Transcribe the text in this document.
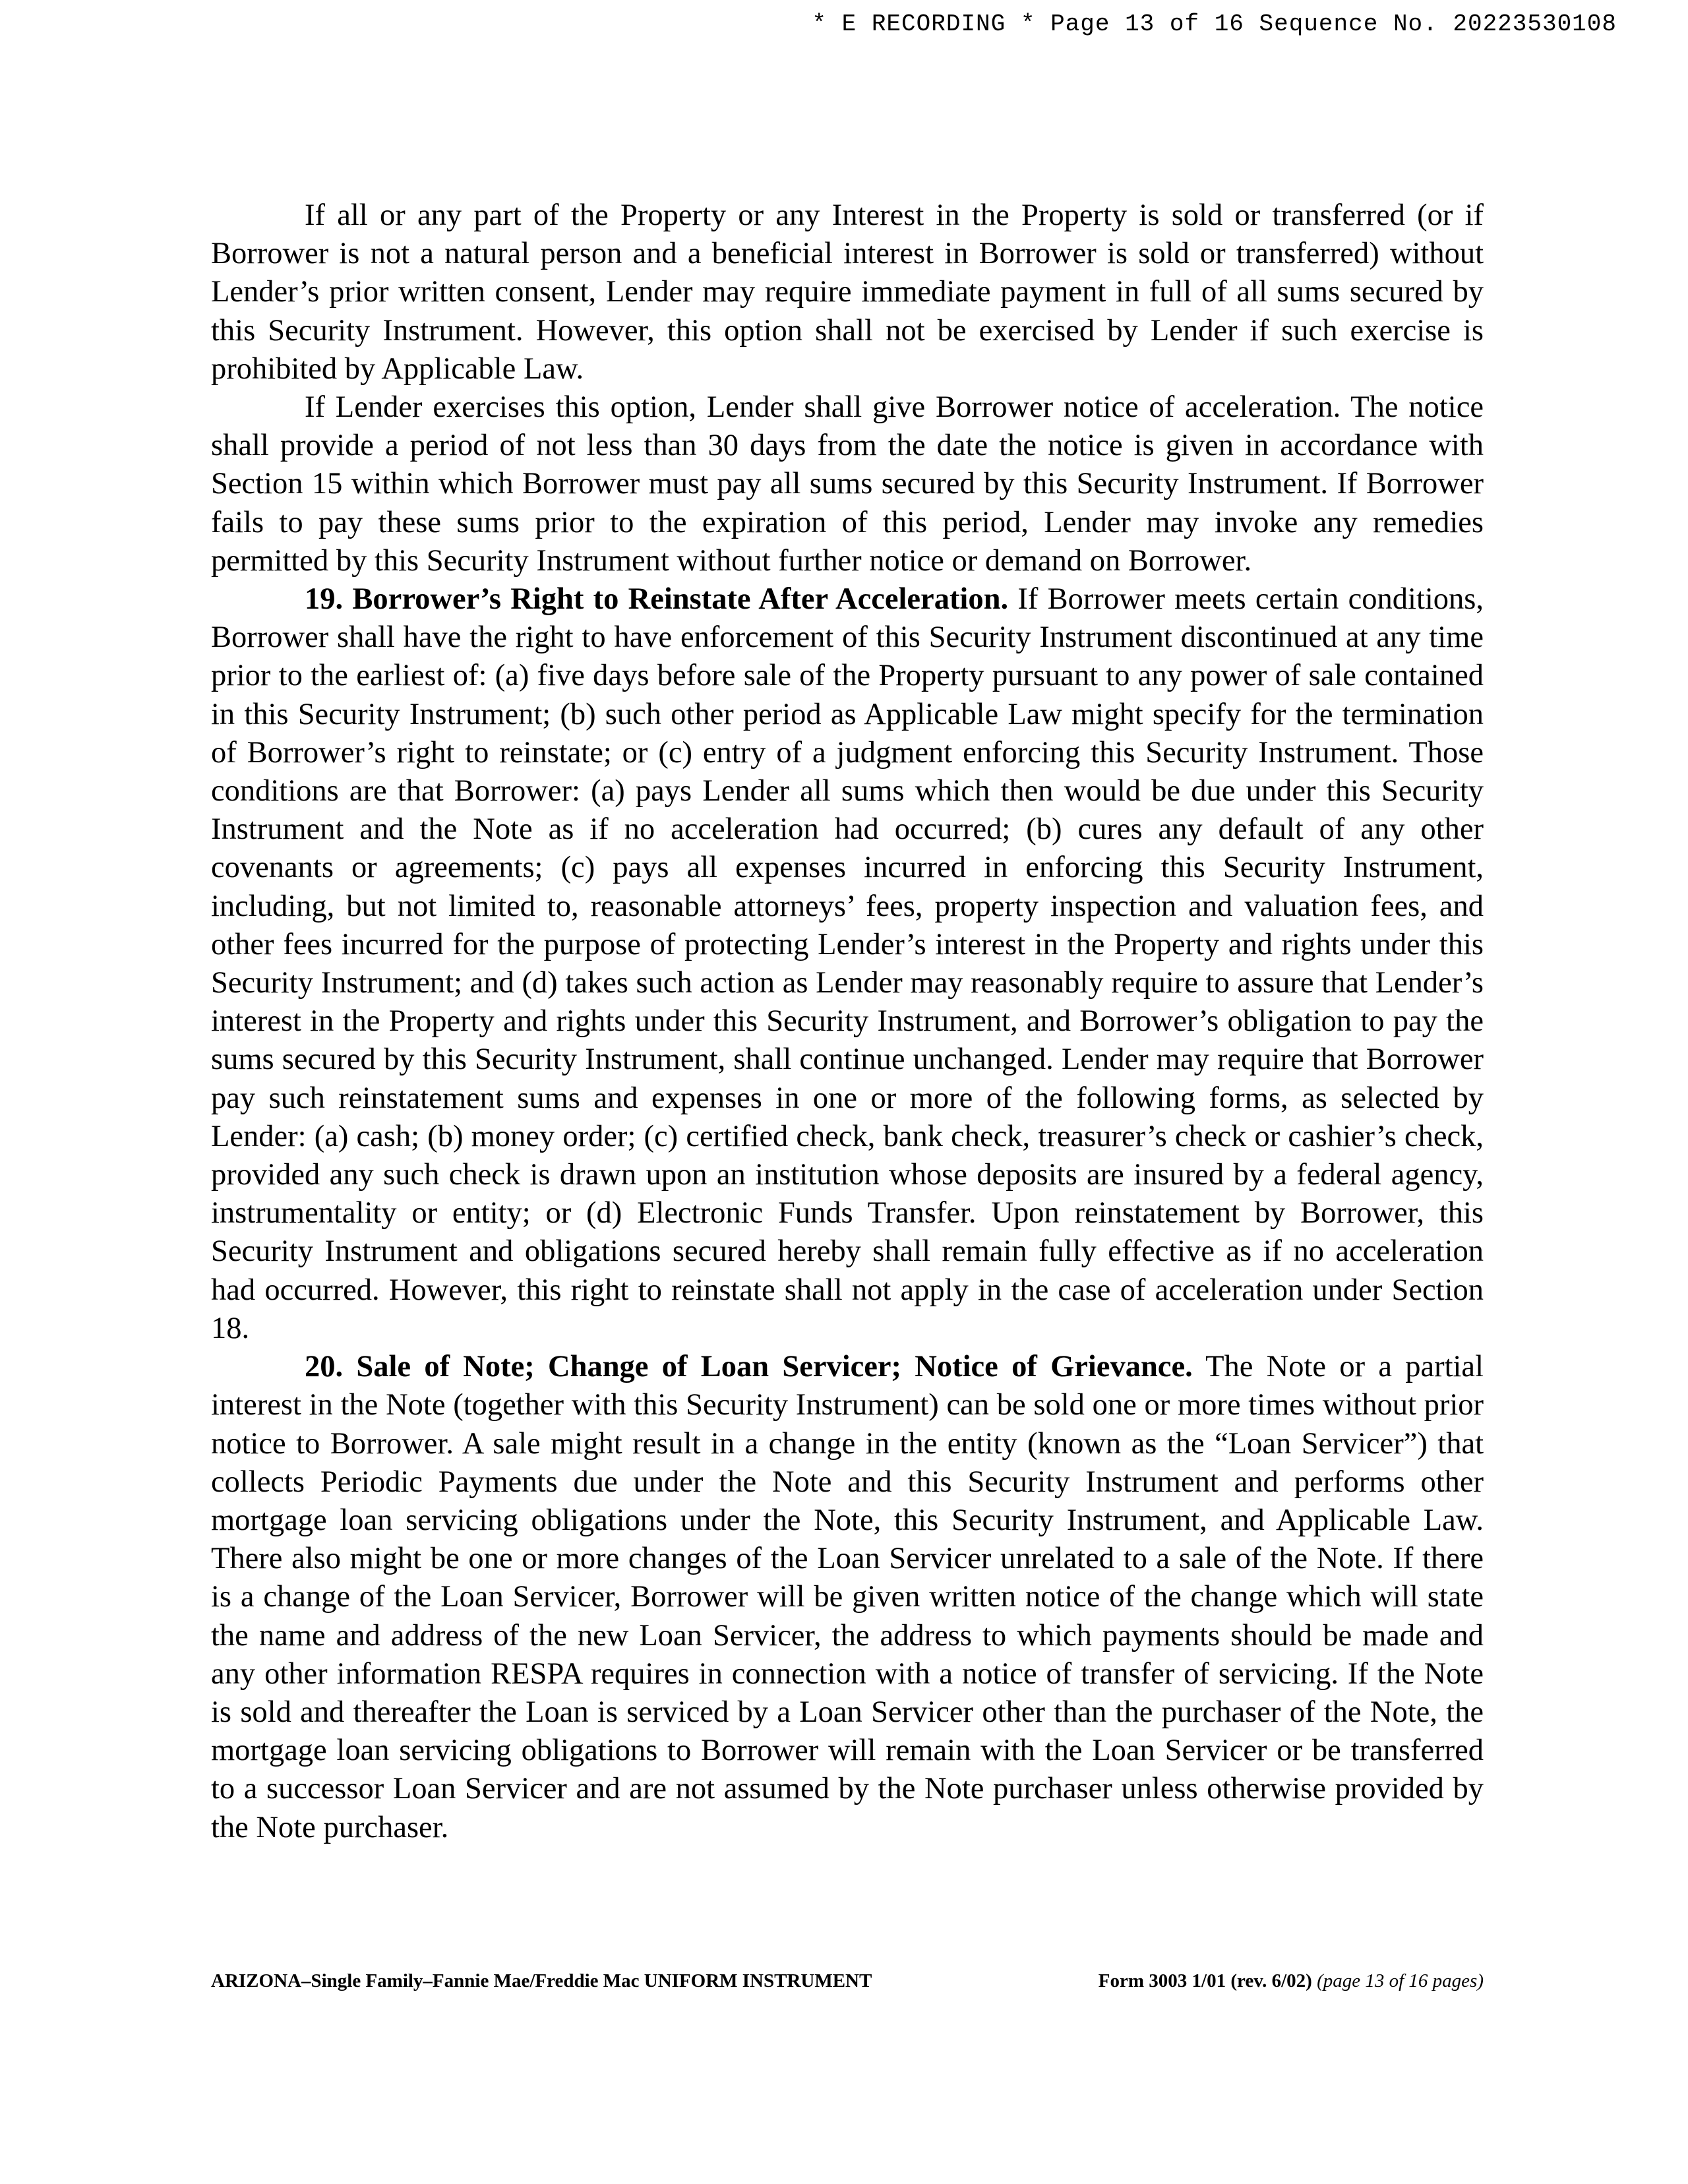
* E RECORDING * Page 13 of 16 Sequence No. 20223530108

If all or any part of the Property or any Interest in the Property is sold or transferred (or if Borrower is not a natural person and a beneficial interest in Borrower is sold or transferred) without Lender’s prior written consent, Lender may require immediate payment in full of all sums secured by this Security Instrument. However, this option shall not be exercised by Lender if such exercise is prohibited by Applicable Law.

If Lender exercises this option, Lender shall give Borrower notice of acceleration. The notice shall provide a period of not less than 30 days from the date the notice is given in accordance with Section 15 within which Borrower must pay all sums secured by this Security Instrument. If Borrower fails to pay these sums prior to the expiration of this period, Lender may invoke any remedies permitted by this Security Instrument without further notice or demand on Borrower.

19. Borrower’s Right to Reinstate After Acceleration. If Borrower meets certain conditions, Borrower shall have the right to have enforcement of this Security Instrument discontinued at any time prior to the earliest of: (a) five days before sale of the Property pursuant to any power of sale contained in this Security Instrument; (b) such other period as Applicable Law might specify for the termination of Borrower’s right to reinstate; or (c) entry of a judgment enforcing this Security Instrument. Those conditions are that Borrower: (a) pays Lender all sums which then would be due under this Security Instrument and the Note as if no acceleration had occurred; (b) cures any default of any other covenants or agreements; (c) pays all expenses incurred in enforcing this Security Instrument, including, but not limited to, reasonable attorneys’ fees, property inspection and valuation fees, and other fees incurred for the purpose of protecting Lender’s interest in the Property and rights under this Security Instrument; and (d) takes such action as Lender may reasonably require to assure that Lender’s interest in the Property and rights under this Security Instrument, and Borrower’s obligation to pay the sums secured by this Security Instrument, shall continue unchanged. Lender may require that Borrower pay such reinstatement sums and expenses in one or more of the following forms, as selected by Lender: (a) cash; (b) money order; (c) certified check, bank check, treasurer’s check or cashier’s check, provided any such check is drawn upon an institution whose deposits are insured by a federal agency, instrumentality or entity; or (d) Electronic Funds Transfer. Upon reinstatement by Borrower, this Security Instrument and obligations secured hereby shall remain fully effective as if no acceleration had occurred. However, this right to reinstate shall not apply in the case of acceleration under Section 18.

20. Sale of Note; Change of Loan Servicer; Notice of Grievance. The Note or a partial interest in the Note (together with this Security Instrument) can be sold one or more times without prior notice to Borrower. A sale might result in a change in the entity (known as the “Loan Servicer”) that collects Periodic Payments due under the Note and this Security Instrument and performs other mortgage loan servicing obligations under the Note, this Security Instrument, and Applicable Law. There also might be one or more changes of the Loan Servicer unrelated to a sale of the Note. If there is a change of the Loan Servicer, Borrower will be given written notice of the change which will state the name and address of the new Loan Servicer, the address to which payments should be made and any other information RESPA requires in connection with a notice of transfer of servicing. If the Note is sold and thereafter the Loan is serviced by a Loan Servicer other than the purchaser of the Note, the mortgage loan servicing obligations to Borrower will remain with the Loan Servicer or be transferred to a successor Loan Servicer and are not assumed by the Note purchaser unless otherwise provided by the Note purchaser.

ARIZONA–Single Family–Fannie Mae/Freddie Mac UNIFORM INSTRUMENT	Form 3003 1/01 (rev. 6/02) (page 13 of 16 pages)
